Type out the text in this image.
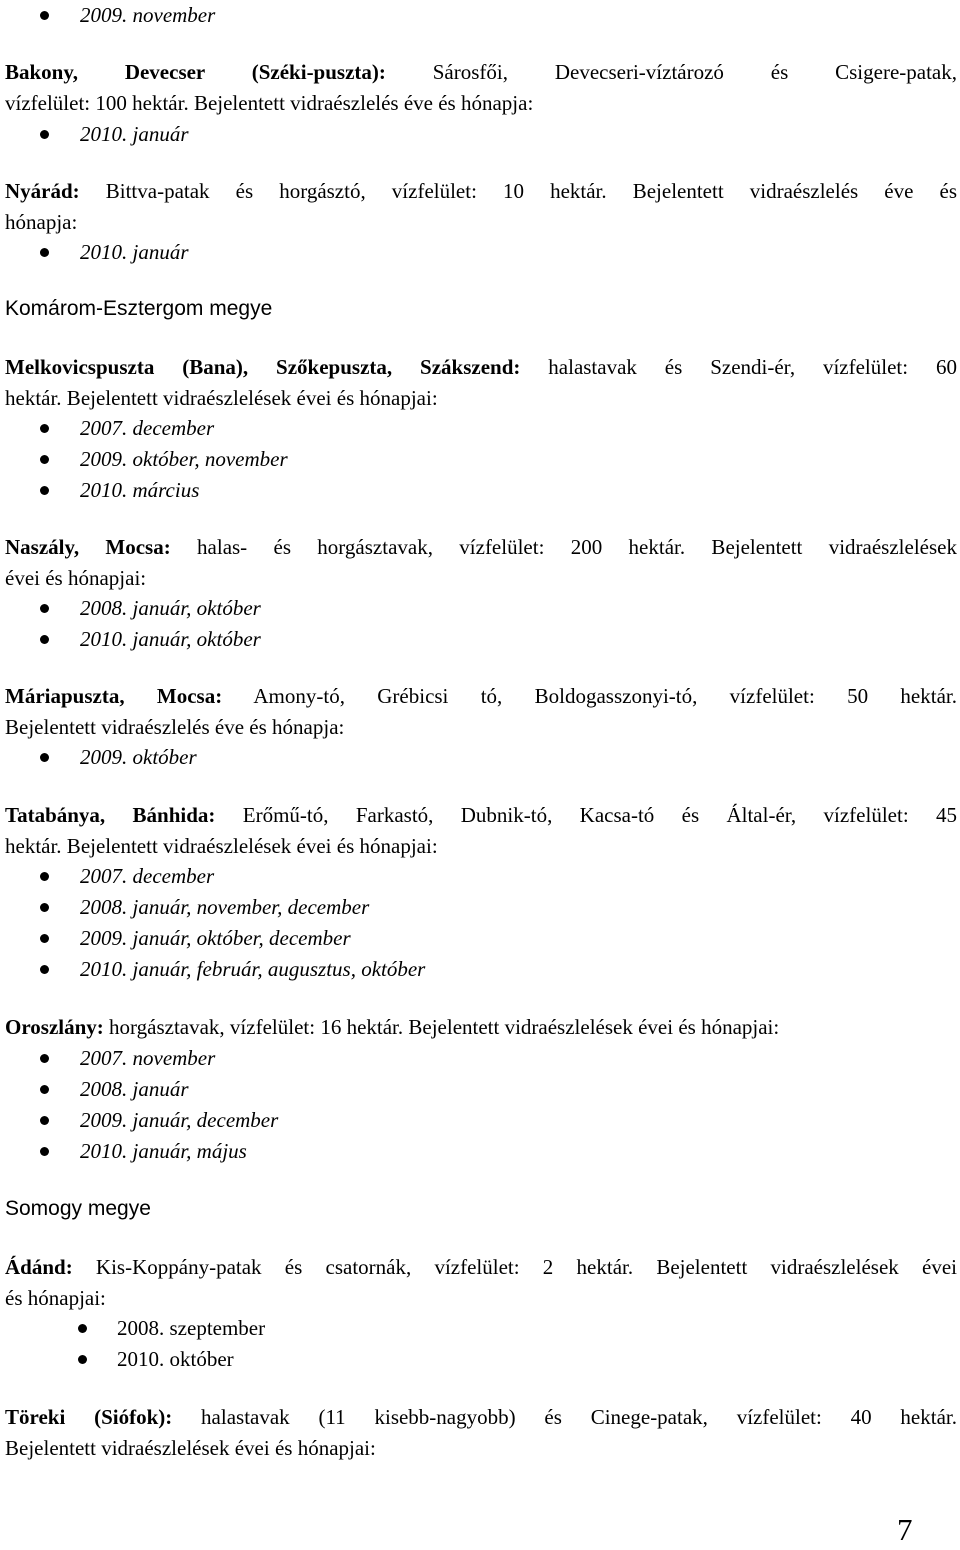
2009. november
Bakony, Devecser (Széki-puszta): Sárosfői, Devecseri-víztározó és Csigere-patak,
vízfelület: 100 hektár. Bejelentett vidraészlelés éve és hónapja:
2010. január
Nyárád: Bittva-patak és horgásztó, vízfelület: 10 hektár. Bejelentett vidraészlelés éve és
hónapja:
2010. január
Komárom-Esztergom megye
Melkovicspuszta (Bana), Szőkepuszta, Szákszend: halastavak és Szendi-ér, vízfelület: 60
hektár. Bejelentett vidraészlelések évei és hónapjai:
2007. december
2009. október, november
2010. március
Naszály, Mocsa: halas- és horgásztavak, vízfelület: 200 hektár. Bejelentett vidraészlelések
évei és hónapjai:
2008. január, október
2010. január, október
Máriapuszta, Mocsa: Amony-tó, Grébicsi tó, Boldogasszonyi-tó, vízfelület: 50 hektár.
Bejelentett vidraészlelés éve és hónapja:
2009. október
Tatabánya, Bánhida: Erőmű-tó, Farkastó, Dubnik-tó, Kacsa-tó és Által-ér, vízfelület: 45
hektár. Bejelentett vidraészlelések évei és hónapjai:
2007. december
2008. január, november, december
2009. január, október, december
2010. január, február, augusztus, október
Oroszlány: horgásztavak, vízfelület: 16 hektár. Bejelentett vidraészlelések évei és hónapjai:
2007. november
2008. január
2009. január, december
2010. január, május
Somogy megye
Ádánd: Kis-Koppány-patak és csatornák, vízfelület: 2 hektár. Bejelentett vidraészlelések évei
és hónapjai:
2008. szeptember
2010. október
Töreki (Siófok): halastavak (11 kisebb-nagyobb) és Cinege-patak, vízfelület: 40 hektár.
Bejelentett vidraészlelések évei és hónapjai:
7
